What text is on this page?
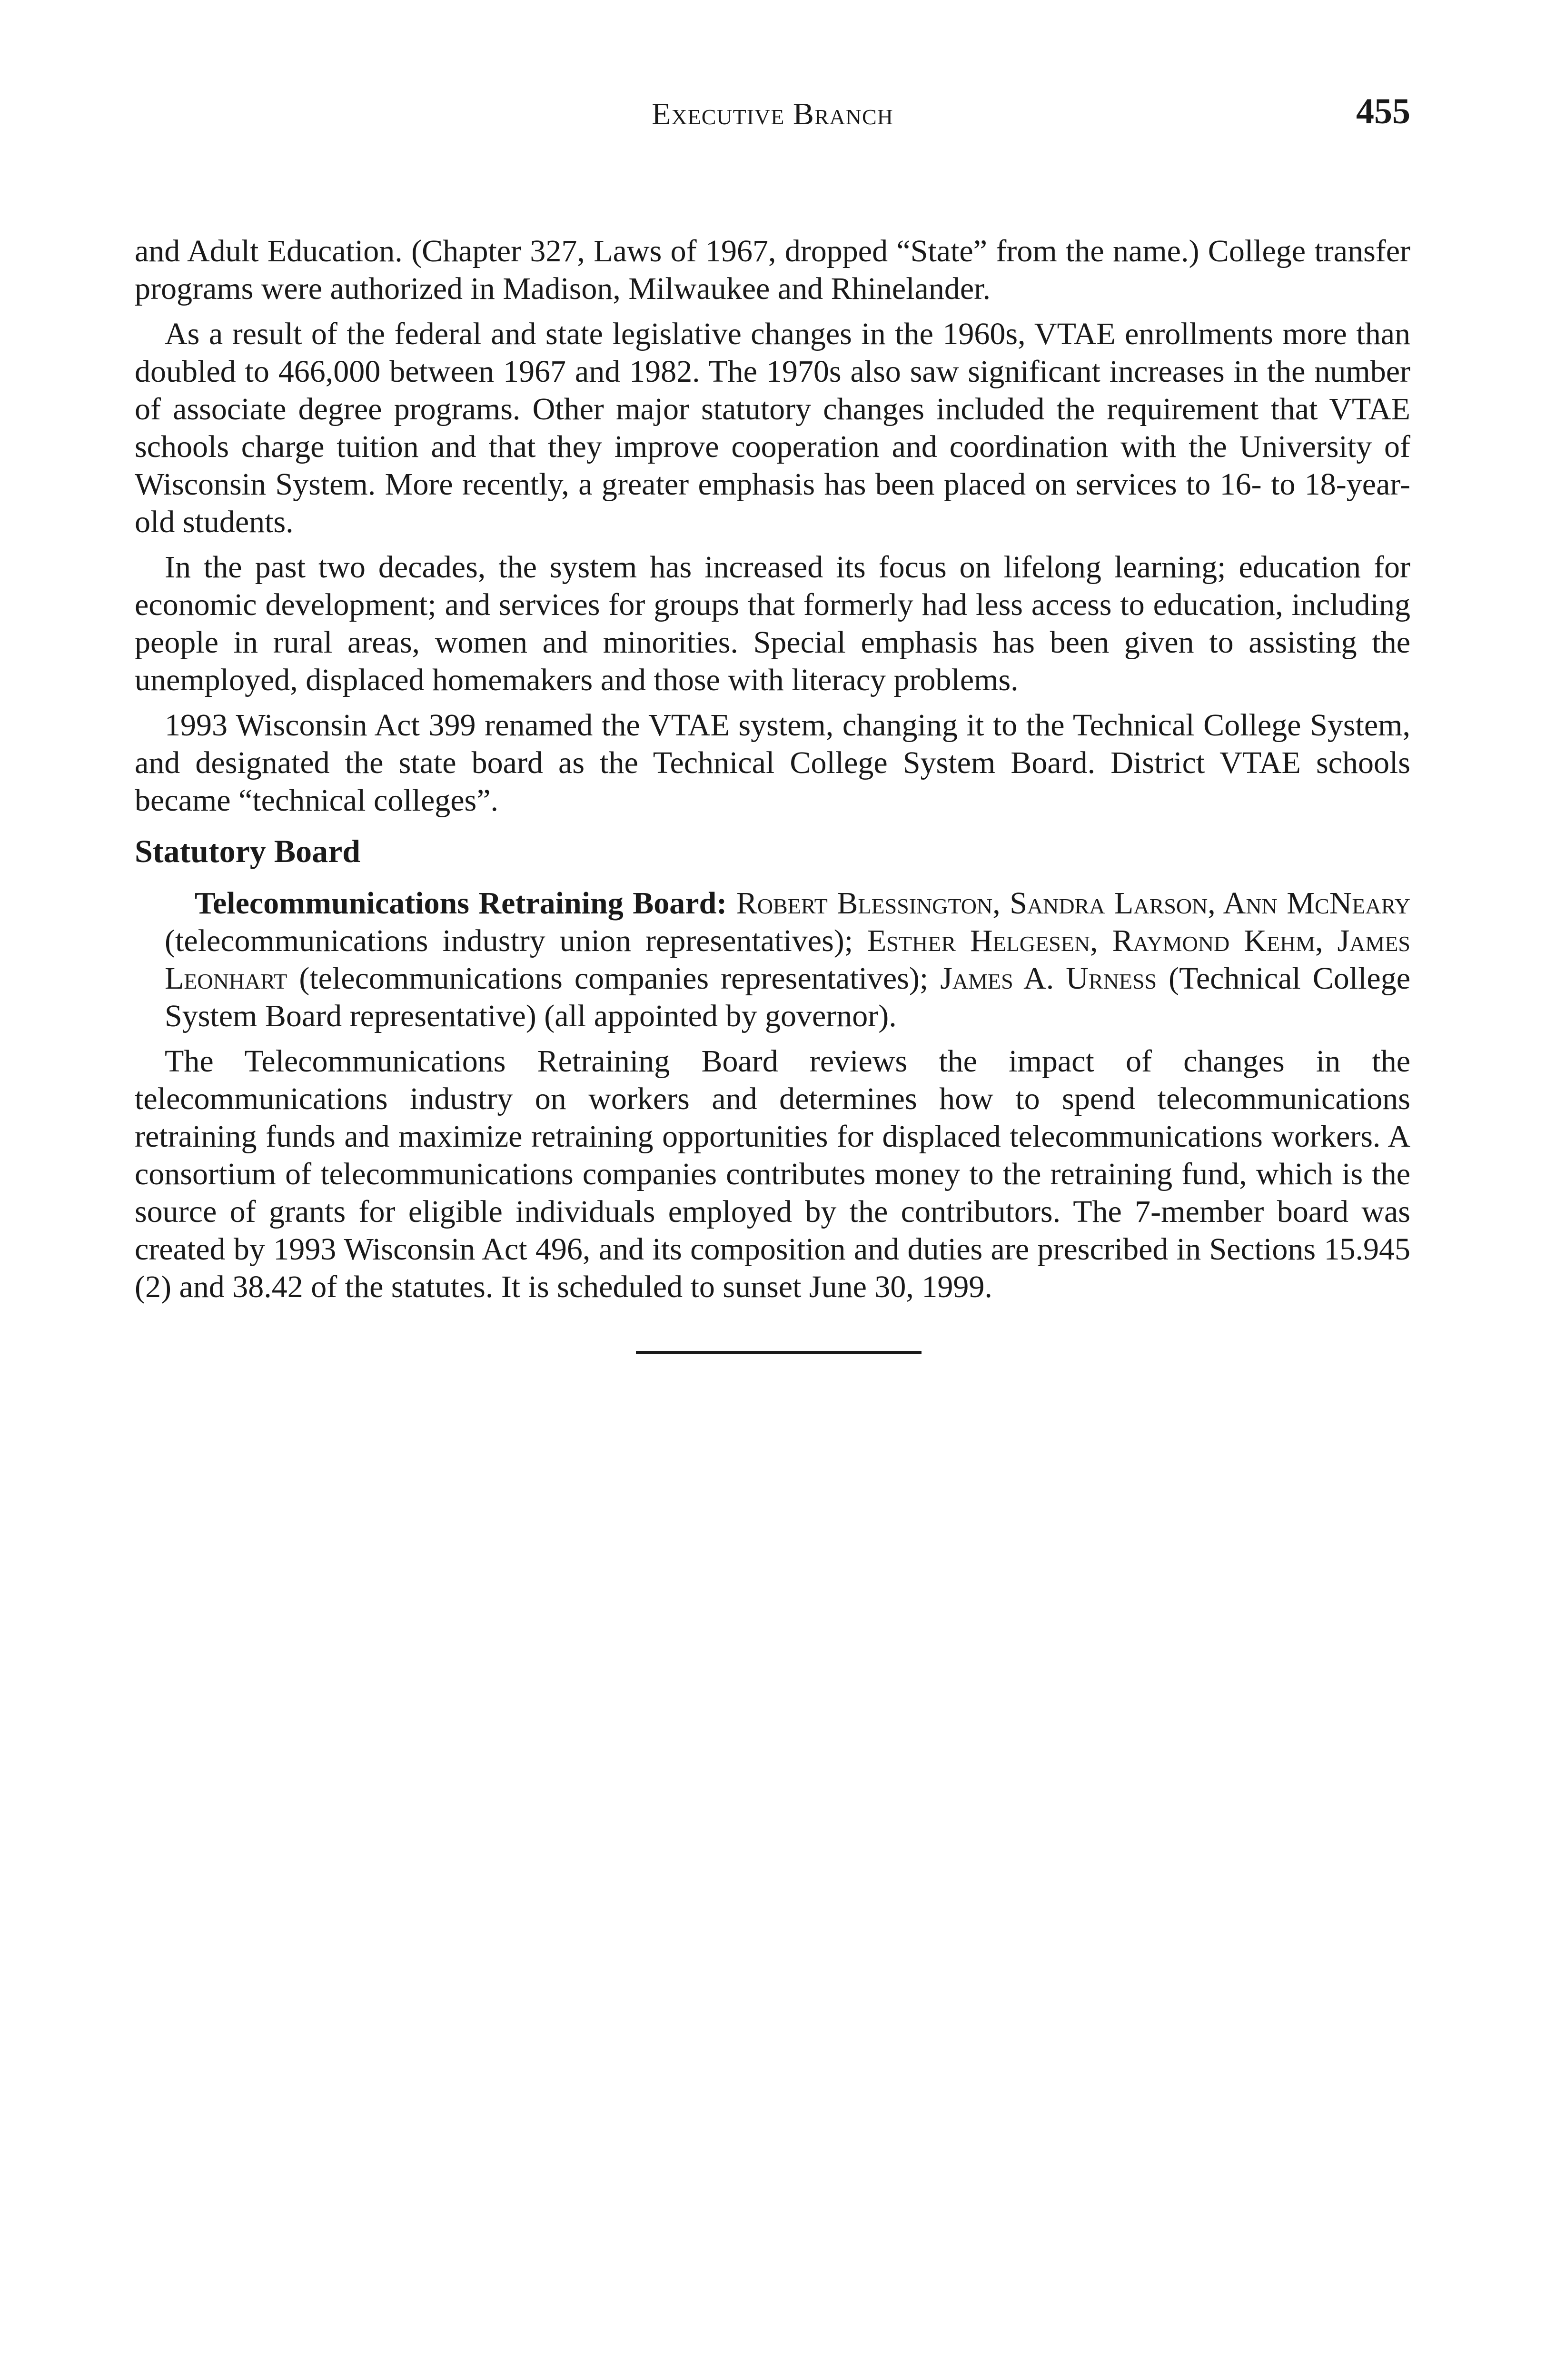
Executive Branch	455

and Adult Education. (Chapter 327, Laws of 1967, dropped “State” from the name.) College transfer programs were authorized in Madison, Milwaukee and Rhinelander.

As a result of the federal and state legislative changes in the 1960s, VTAE enrollments more than doubled to 466,000 between 1967 and 1982. The 1970s also saw significant increases in the number of associate degree programs. Other major statutory changes included the requirement that VTAE schools charge tuition and that they improve cooperation and coordination with the University of Wisconsin System. More recently, a greater emphasis has been placed on services to 16- to 18-year-old students.

In the past two decades, the system has increased its focus on lifelong learning; education for economic development; and services for groups that formerly had less access to education, including people in rural areas, women and minorities. Special emphasis has been given to assisting the unemployed, displaced homemakers and those with literacy problems.

1993 Wisconsin Act 399 renamed the VTAE system, changing it to the Technical College System, and designated the state board as the Technical College System Board. District VTAE schools became “technical colleges”.

Statutory Board

Telecommunications Retraining Board: Robert Blessington, Sandra Larson, Ann McNeary (telecommunications industry union representatives); Esther Helgesen, Raymond Kehm, James Leonhart (telecommunications companies representatives); James A. Urness (Technical College System Board representative) (all appointed by governor).

The Telecommunications Retraining Board reviews the impact of changes in the telecommunications industry on workers and determines how to spend telecommunications retraining funds and maximize retraining opportunities for displaced telecommunications workers. A consortium of telecommunications companies contributes money to the retraining fund, which is the source of grants for eligible individuals employed by the contributors. The 7-member board was created by 1993 Wisconsin Act 496, and its composition and duties are prescribed in Sections 15.945 (2) and 38.42 of the statutes. It is scheduled to sunset June 30, 1999.
